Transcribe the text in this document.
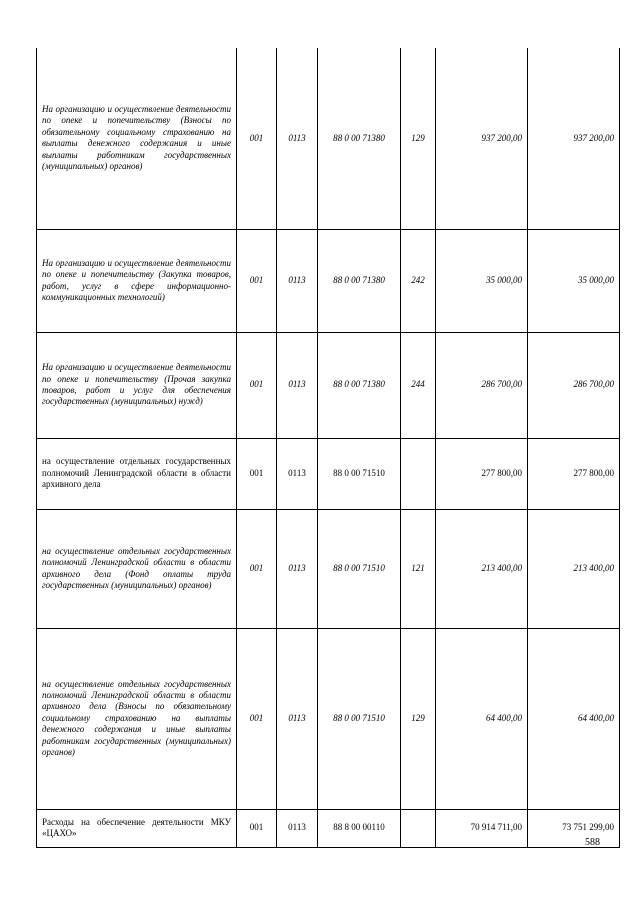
На организацию и осуществление деятельности по опеке и попечительству (Взносы по обязательному социальному страхованию на выплаты денежного содержания и иные выплаты работникам государственных (муниципальных) органов)	001	0113	88 0 00 71380	129	937 200,00	937 200,00
На организацию и осуществление деятельности по опеке и попечительству (Закупка товаров, работ, услуг в сфере информационно-коммуникационных технологий)	001	0113	88 0 00 71380	242	35 000,00	35 000,00
На организацию и осуществление деятельности по опеке и попечительству (Прочая закупка товаров, работ и услуг для обеспечения государственных (муниципальных) нужд)	001	0113	88 0 00 71380	244	286 700,00	286 700,00
на осуществление отдельных государственных полномочий Ленинградской области в области архивного дела	001	0113	88 0 00 71510		277 800,00	277 800,00
на осуществление отдельных государственных полномочий Ленинградской области в области архивного дела (Фонд оплаты труда государственных (муниципальных) органов)	001	0113	88 0 00 71510	121	213 400,00	213 400,00
на осуществление отдельных государственных полномочий Ленинградской области в области архивного дела (Взносы по обязательному социальному страхованию на выплаты денежного содержания и иные выплаты работникам государственных (муниципальных) органов)	001	0113	88 0 00 71510	129	64 400,00	64 400,00
Расходы на обеспечение деятельности МКУ «ЦАХО»	001	0113	88 8 00 00110		70 914 711,00	73 751 299,00
588
